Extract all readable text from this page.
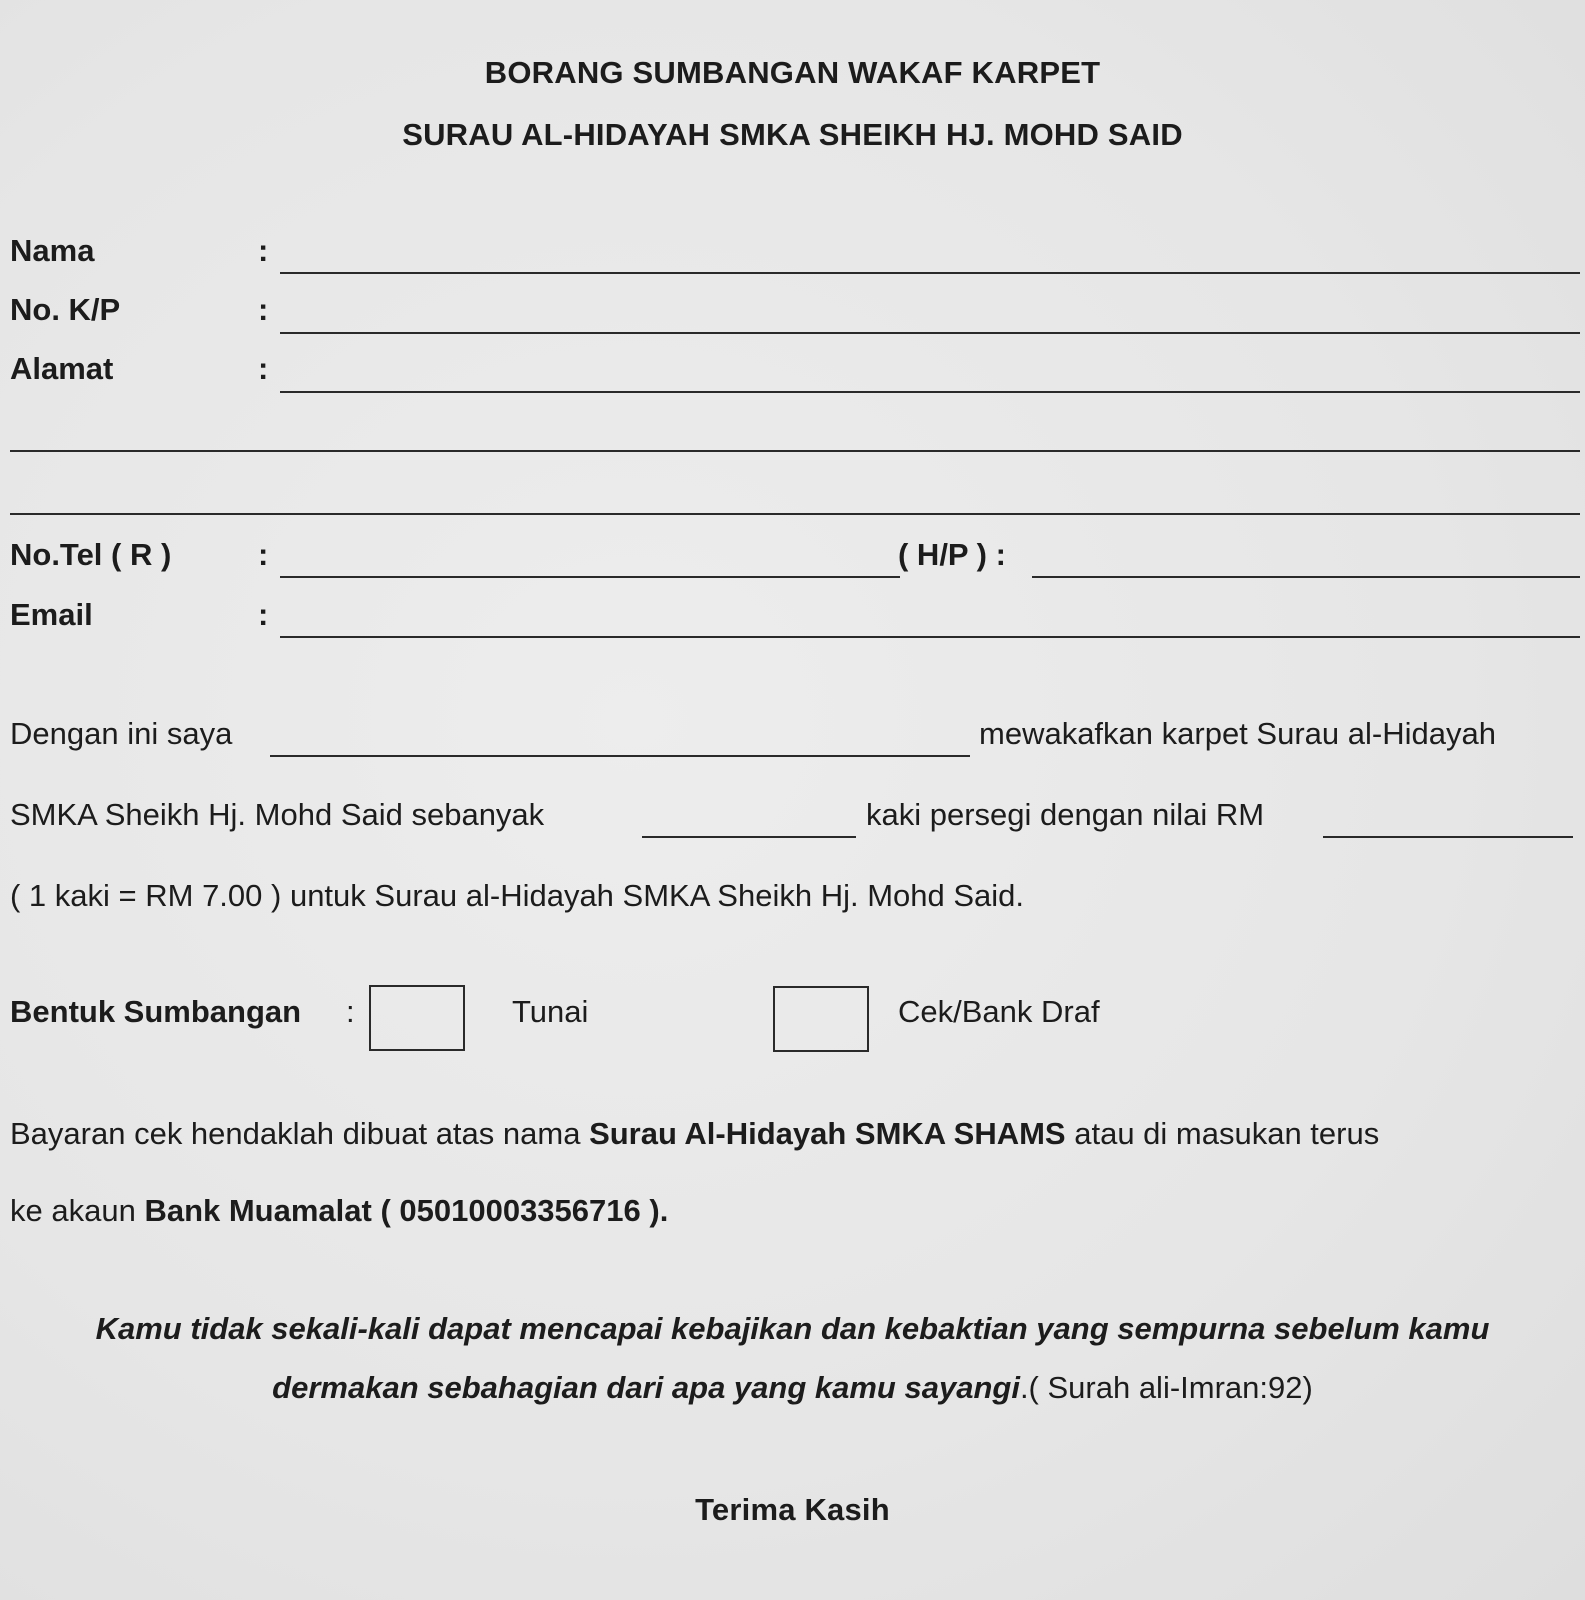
BORANG SUMBANGAN WAKAF KARPET
SURAU AL-HIDAYAH SMKA SHEIKH HJ. MOHD SAID
Nama	:
No. K/P	:
Alamat	:
No.Tel ( R )	:	( H/P ) :
Email	:
Dengan ini saya	mewakafkan karpet Surau al-Hidayah
SMKA Sheikh Hj. Mohd Said sebanyak	kaki persegi dengan nilai RM
( 1 kaki = RM 7.00 ) untuk Surau al-Hidayah SMKA Sheikh Hj. Mohd Said.
Bentuk Sumbangan :	Tunai	Cek/Bank Draf
Bayaran cek hendaklah dibuat atas nama Surau Al-Hidayah SMKA SHAMS atau di masukan terus
ke akaun Bank Muamalat ( 05010003356716 ).
Kamu tidak sekali-kali dapat mencapai kebajikan dan kebaktian yang sempurna sebelum kamu
dermakan sebahagian dari apa yang kamu sayangi.( Surah ali-Imran:92)
Terima Kasih
